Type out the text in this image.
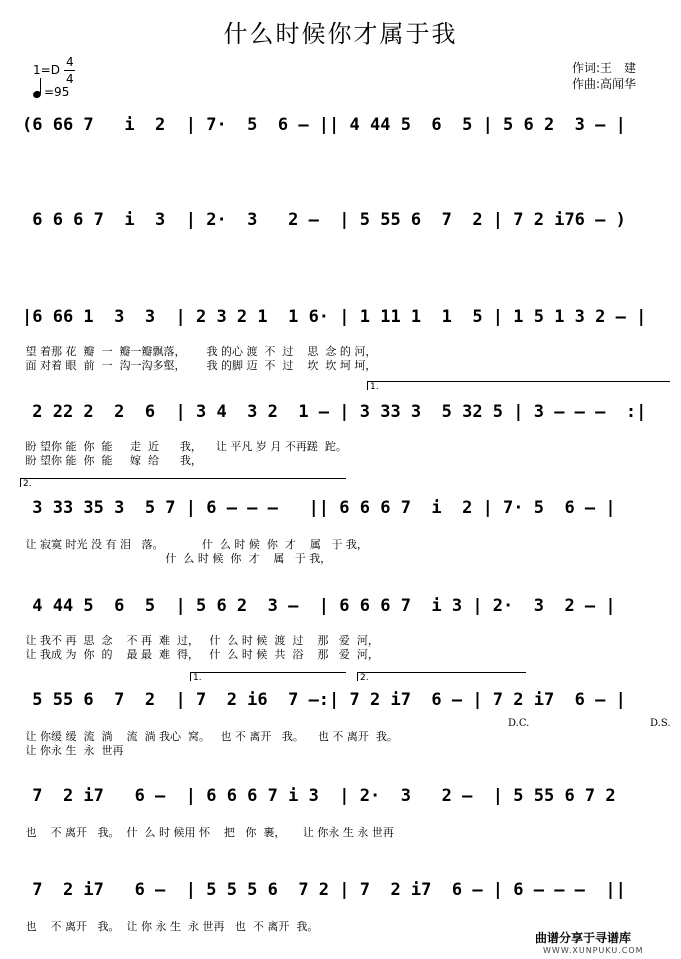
什么时候你才属于我
1=D
4
4
=95
作词:王　建
作曲:高闻华
(6 66 7   i  2  | 7·  5  6 – || 4 44 5  6  5 | 5 6 2  3 – |
6 6 6 7  i  3  | 2·  3   2 –  | 5 55 6  7  2 | 7 2 i76 – )
|6 66 1  3  3  | 2 3 2 1  1 6· | 1 11 1  1  5 | 1 5 1 3 2 – |
望 着那 花  瓣  一  瓣一瓣飘落，      我 的心 渡  不  过    思  念 的 河，
面 对着 眼  前  一  沟一沟多壑，      我 的脚 迈  不  过    坎  坎 坷 坷，
1.
2 22 2  2  6  | 3 4  3 2  1 – | 3 33 3  5 32 5 | 3 – – –  :|
盼 望你 能  你  能     走  近      我，    让 平凡 岁 月 不再蹉  跎。
盼 望你 能  你  能     嫁  给      我，
2.
3 33 35 3  5 7 | 6 – – –   || 6 6 6 7  i  2 | 7· 5  6 – |
让 寂寞 时光 没 有 泪   落。           什  么 时 候  你  才    属   于 我，
什  么 时 候  你  才    属   于 我，
4 44 5  6  5  | 5 6 2  3 –  | 6 6 6 7  i 3 | 2·  3  2 – |
让 我不 再  思  念    不 再  难  过，   什  么 时 候  渡  过    那   爱  河，
让 我成 为  你  的    最 最  难  得，   什  么 时 候  共  浴    那   爱  河，
1.	2.
5 55 6  7  2  | 7  2 i6  7 –:| 7 2 i7  6 – | 7 2 i7  6 – |
让 你缓 缓  流  淌    流  淌 我心  窝。   也 不 离开   我。    也 不 离开  我。
让 你永 生  永  世再
D.C.	D.S.
7  2 i7   6 –  | 6 6 6 7 i 3  | 2·  3   2 –  | 5 55 6 7 2
也    不 离开   我。  什  么 时 候用 怀    把   你  裹，     让 你永 生 永 世再
7  2 i7   6 –  | 5 5 5 6  7 2 | 7  2 i7  6 – | 6 – – –  ||
也    不 离开   我。  让 你 永 生  永 世再   也  不 离开  我。
曲谱分享于寻谱库
WWW.XUNPUKU.COM
